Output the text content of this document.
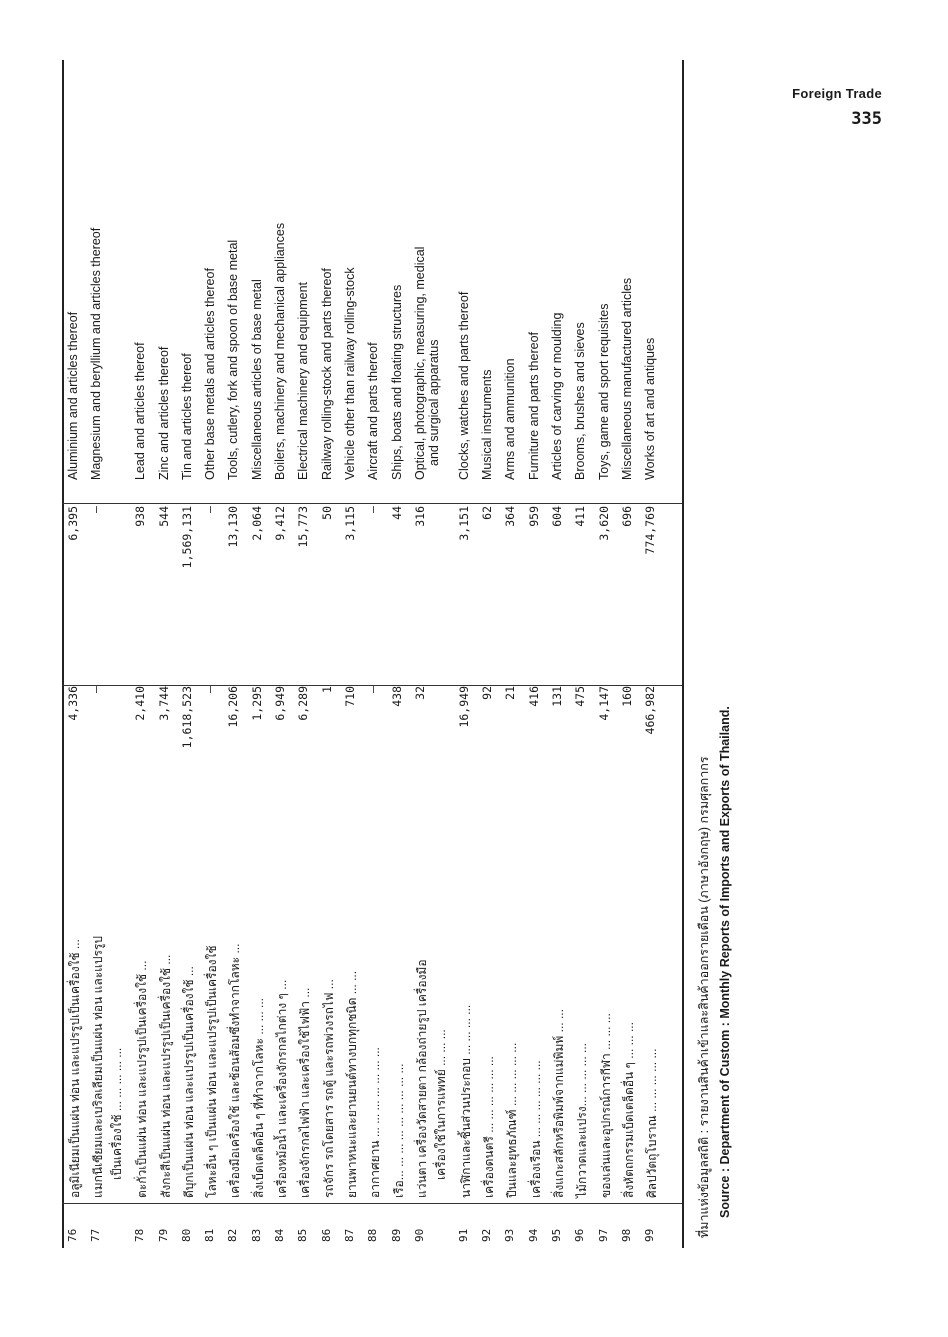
Foreign Trade
335
76
อลูมิเนียมเป็นแผ่น ท่อน และแปรรูปเป็นเครื่องใช้ ...
4,336
6,395
Aluminium and articles thereof
77
แมกนีเซียมและเบริลเลียมเป็นแผ่น ท่อน และแปรรูป เป็นเครื่องใช้ ... ... ... ... ...
–
–
Magnesium and beryllium and articles thereof
78
ตะกั่วเป็นแผ่น ท่อน และแปรรูปเป็นเครื่องใช้ ...
2,410
938
Lead and articles thereof
79
สังกะสีเป็นแผ่น ท่อน และแปรรูปเป็นเครื่องใช้ ...
3,744
544
Zinc and articles thereof
80
ดีบุกเป็นแผ่น ท่อน และแปรรูปเป็นเครื่องใช้ ...
1,618,523
1,569,131
Tin and articles thereof
81
โลหะอื่น ๆ เป็นแผ่น ท่อน และแปรรูปเป็นเครื่องใช้
–
–
Other base metals and articles thereof
82
เครื่องมือเครื่องใช้ และช้อนส้อมซึ่งทำจากโลหะ ...
16,206
13,130
Tools, cutlery, fork and spoon of base metal
83
สิ่งเบ็ดเตล็ดอื่น ๆ ที่ทำจากโลหะ ... ... ...
1,295
2,064
Miscellaneous articles of base metal
84
เครื่องหม้อน้ำ และเครื่องจักรกลไกต่าง ๆ ...
6,949
9,412
Boilers, machinery and mechanical appliances
85
เครื่องจักรกลไฟฟ้า และเครื่องใช้ไฟฟ้า ...
6,289
15,773
Electrical machinery and equipment
86
รถจักร รถโดยสาร รถตู้ และรถพ่วงรถไฟ ...
1
50
Railway rolling-stock and parts thereof
87
ยานพาหนะและยานยนต์ทางบกทุกชนิด ... ...
710
3,115
Vehicle other than railway rolling-stock
88
อากาศยาน ... ... ... ... ... ... ...
–
–
Aircraft and parts thereof
89
เรือ... ... ... ... ... ... ... ... ...
438
44
Ships, boats and floating structures
90
แว่นตา เครื่องวัดสายตา กล้องถ่ายรูป เครื่องมือ เครื่องใช้ในการแพทย์ ... ... ...
32
316
Optical, photographic, measuring, medical and surgical apparatus
91
นาฬิกาและชิ้นส่วนประกอบ ... ... ... ...
16,949
3,151
Clocks, watches and parts thereof
92
เครื่องดนตรี ... ... ... ... ... ...
92
62
Musical instruments
93
ปืนและยุทธภัณฑ์ ... ... ... ... ...
21
364
Arms and ammunition
94
เครื่องเรือน ... ... ... ... ... ...
416
959
Furniture and parts thereof
95
สิ่งแกะสลักหรือพิมพ์จากแม่พิมพ์ ... ...
131
604
Articles of carving or moulding
96
ไม้กวาดและแปรง... ... ... ... ...
475
411
Brooms, brushes and sieves
97
ของเล่นและอุปกรณ์การกีฬา ... ... ...
4,147
3,620
Toys, game and sport requisites
98
สิ่งหัตถกรรมเบ็ดเตล็ดอื่น ๆ ... ... ...
160
696
Miscellaneous manufactured articles
99
ศิลปวัตถุโบราณ ... ... ... ... ...
466,982
774,769
Works of art and antiques
ที่มาแห่งข้อมูลสถิติ : รายงานสินค้าเข้าและสินค้าออกรายเดือน (ภาษาอังกฤษ) กรมศุลกากร Source : Department of Custom : Monthly Reports of Imports and Exports of Thailand.
